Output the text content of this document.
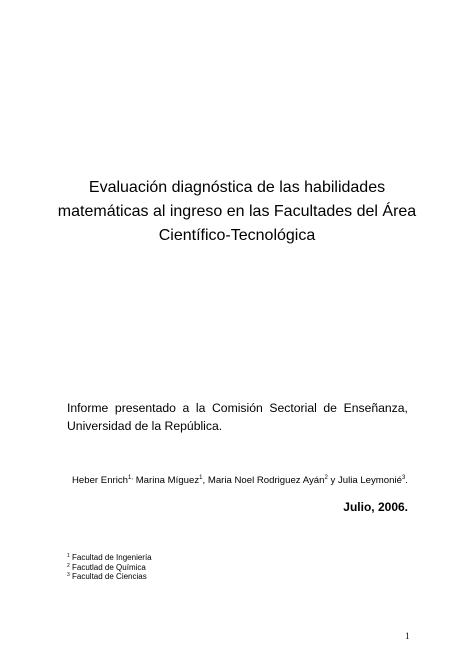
Evaluación diagnóstica de las habilidades
matemáticas al ingreso en las Facultades del Área
Científico-Tecnológica
Informe presentado a la Comisión Sectorial de Enseñanza,
Universidad de la República.
Heber Enrich$^{1,}$ Marina Míguez$^1$, Maria Noel Rodriguez Ayán$^2$ y Julia Leymonié$^3$.
Julio, 2006.
$^1$ Facultad de Ingeniería
$^2$ Facutlad de Química
$^3$ Facultad de Ciencias
1
